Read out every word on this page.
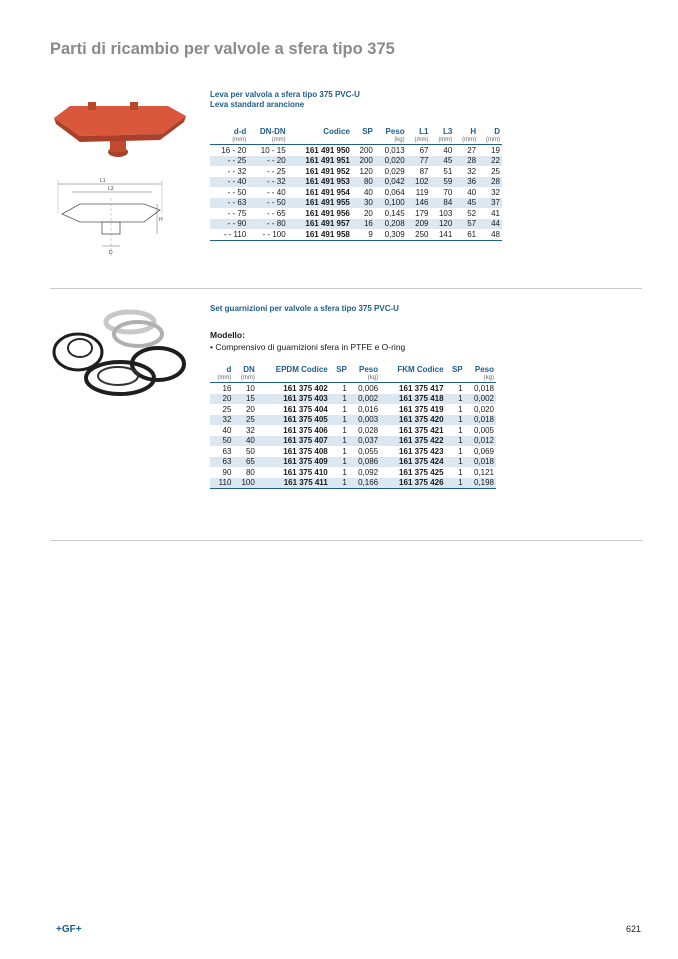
Parti di ricambio per valvole a sfera tipo 375
L1
L3
H
D
Leva per valvola a sfera tipo 375 PVC-U
Leva standard arancione
d-d	DN-DN	Codice	SP	Peso	L1	L3	H	D
(mm)	(mm)			(kg)	(mm)	(mm)	(mm)	(mm)
16 - 20	10 - 15	161 491 950	200	0,013	67	40	27	19
- - 25	- - 20	161 491 951	200	0,020	77	45	28	22
- - 32	- - 25	161 491 952	120	0,029	87	51	32	25
- - 40	- - 32	161 491 953	80	0,042	102	59	36	28
- - 50	- - 40	161 491 954	40	0,064	119	70	40	32
- - 63	- - 50	161 491 955	30	0,100	146	84	45	37
- - 75	- - 65	161 491 956	20	0,145	179	103	52	41
- - 90	- - 80	161 491 957	16	0,208	209	120	57	44
- - 110	- - 100	161 491 958	9	0,309	250	141	61	48
Set guarnizioni per valvole a sfera tipo 375 PVC-U
Modello:
• Comprensivo di guarnizioni sfera in PTFE e O-ring
d	DN	EPDM Codice	SP	Peso	FKM Codice	SP	Peso
(mm)	(mm)			(kg)			(kg)
16	10	161 375 402	1	0,006	161 375 417	1	0,018
20	15	161 375 403	1	0,002	161 375 418	1	0,002
25	20	161 375 404	1	0,016	161 375 419	1	0,020
32	25	161 375 405	1	0,003	161 375 420	1	0,018
40	32	161 375 406	1	0,028	161 375 421	1	0,005
50	40	161 375 407	1	0,037	161 375 422	1	0,012
63	50	161 375 408	1	0,055	161 375 423	1	0,069
63	65	161 375 409	1	0,086	161 375 424	1	0,018
90	80	161 375 410	1	0,092	161 375 425	1	0,121
110	100	161 375 411	1	0,166	161 375 426	1	0,198
+GF+	621
